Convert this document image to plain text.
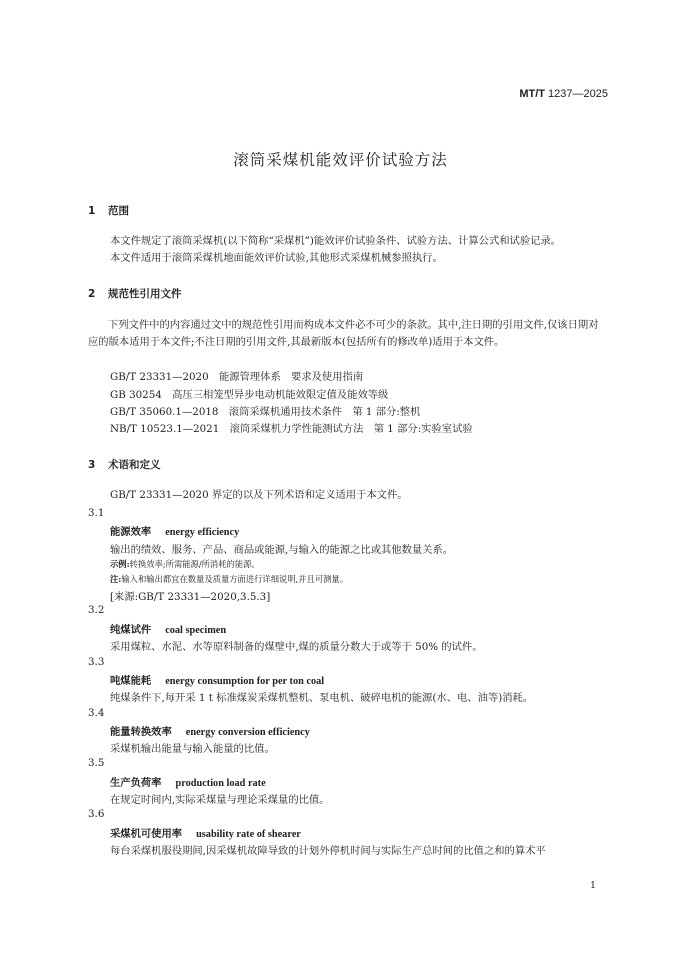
MT/T 1237—2025
滚筒采煤机能效评价试验方法
1 范围
本文件规定了滚筒采煤机(以下简称“采煤机”)能效评价试验条件、试验方法、计算公式和试验记录。
本文件适用于滚筒采煤机地面能效评价试验,其他形式采煤机械参照执行。
2 规范性引用文件
下列文件中的内容通过文中的规范性引用而构成本文件必不可少的条款。其中,注日期的引用文件,仅该日期对应的版本适用于本文件;不注日期的引用文件,其最新版本(包括所有的修改单)适用于本文件。
GB/T 23331—2020　能源管理体系　要求及使用指南
GB 30254　高压三相笼型异步电动机能效限定值及能效等级
GB/T 35060.1—2018　滚筒采煤机通用技术条件　第 1 部分:整机
NB/T 10523.1—2021　滚筒采煤机力学性能测试方法　第 1 部分:实验室试验
3 术语和定义
GB/T 23331—2020 界定的以及下列术语和定义适用于本文件。
3.1
能源效率 energy efficiency
输出的绩效、服务、产品、商品或能源,与输入的能源之比或其他数量关系。
示例:转换效率;所需能源/所消耗的能源。
注:输入和输出都宜在数量及质量方面进行详细说明,并且可测量。
[来源:GB/T 23331—2020,3.5.3]
3.2
纯煤试件 coal specimen
采用煤粒、水泥、水等原料制备的煤壁中,煤的质量分数大于或等于 50% 的试件。
3.3
吨煤能耗 energy consumption for per ton coal
纯煤条件下,每开采 1 t 标准煤炭采煤机整机、泵电机、破碎电机的能源(水、电、油等)消耗。
3.4
能量转换效率 energy conversion efficiency
采煤机输出能量与输入能量的比值。
3.5
生产负荷率 production load rate
在规定时间内,实际采煤量与理论采煤量的比值。
3.6
采煤机可使用率 usability rate of shearer
每台采煤机服役期间,因采煤机故障导致的计划外停机时间与实际生产总时间的比值之和的算术平
1
